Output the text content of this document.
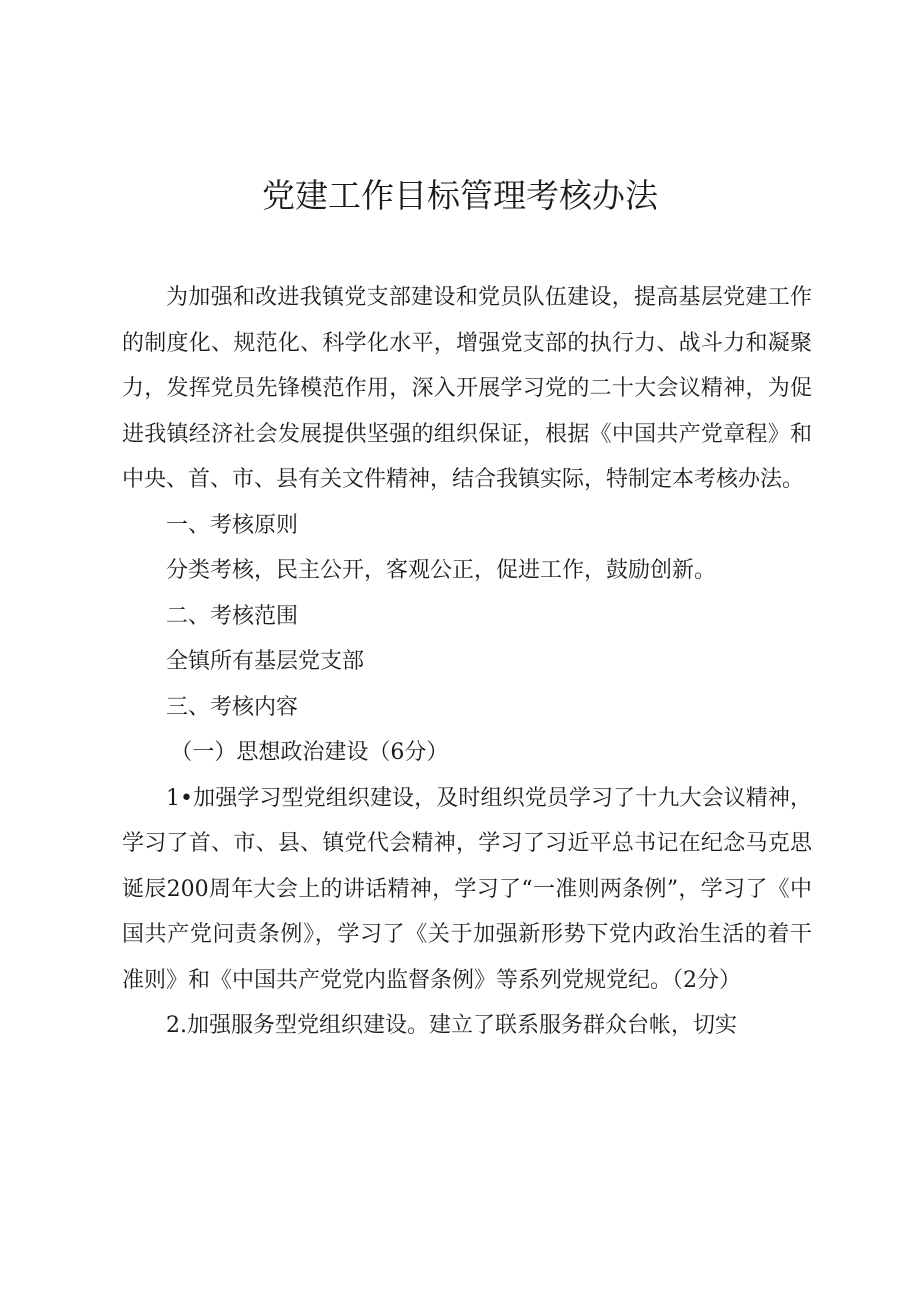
党建工作目标管理考核办法

为加强和改进我镇党支部建设和党员队伍建设，提高基层党建工作的制度化、规范化、科学化水平，增强党支部的执行力、战斗力和凝聚力，发挥党员先锋模范作用，深入开展学习党的二十大会议精神，为促进我镇经济社会发展提供坚强的组织保证，根据《中国共产党章程》和中央、首、市、县有关文件精神，结合我镇实际，特制定本考核办法。

一、考核原则

分类考核，民主公开，客观公正，促进工作，鼓励创新。

二、考核范围

全镇所有基层党支部

三、考核内容

（一）思想政治建设（6分）

1•加强学习型党组织建设，及时组织党员学习了十九大会议精神，学习了首、市、县、镇党代会精神，学习了习近平总书记在纪念马克思诞辰200周年大会上的讲话精神，学习了“一准则两条例”，学习了《中国共产党问责条例》，学习了《关于加强新形势下党内政治生活的着干准则》和《中国共产党党内监督条例》等系列党规党纪。（2分）

2.加强服务型党组织建设。建立了联系服务群众台帐，切实
